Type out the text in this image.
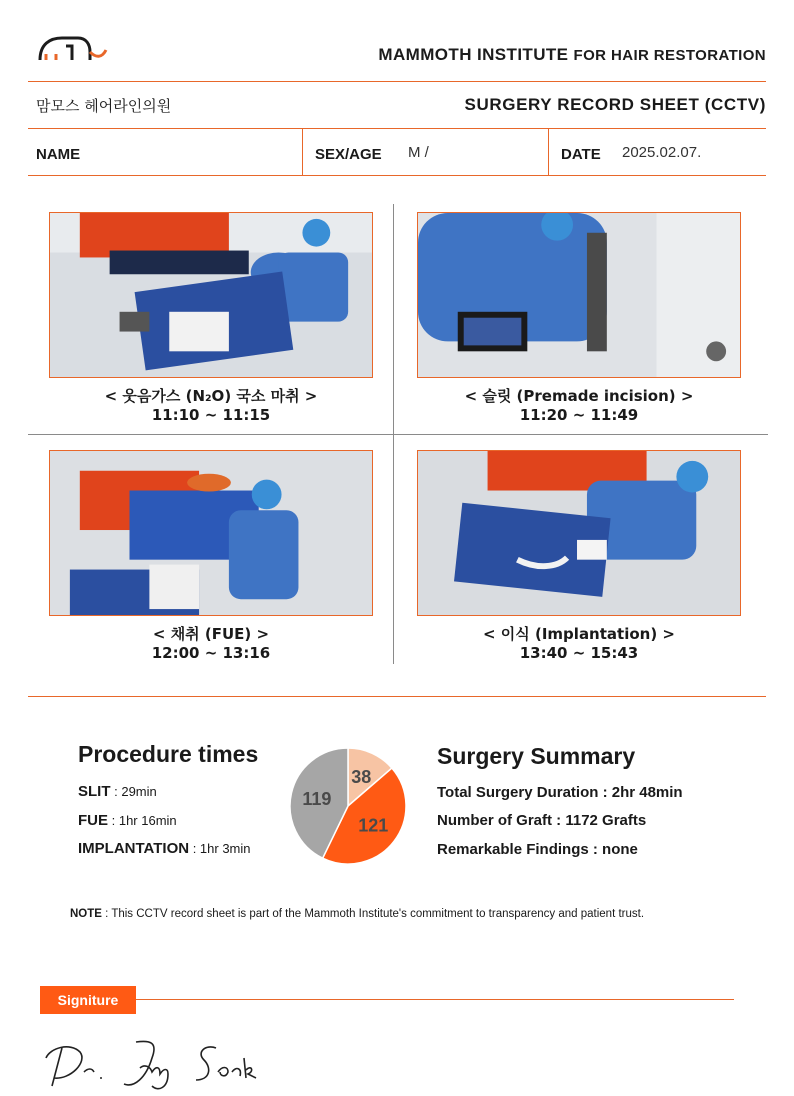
MAMMOTH INSTITUTE FOR HAIR RESTORATION
맘모스 헤어라인의원	SURGERY RECORD SHEET (CCTV)
NAME	SEX/AGE M /	DATE 2025.02.07.
< 웃음가스 (N₂O) 국소 마취 >
11:10 ~ 11:15
< 슬릿 (Premade incision) >
11:20 ~ 11:49
< 채취 (FUE) >
12:00 ~ 13:16
< 이식 (Implantation) >
13:40 ~ 15:43
Procedure times
SLIT : 29min
FUE : 1hr 16min
IMPLANTATION : 1hr 3min
38
121
119
Surgery Summary
Total Surgery Duration : 2hr 48min
Number of Graft : 1172 Grafts
Remarkable Findings : none
NOTE : This CCTV record sheet is part of the Mammoth Institute's commitment to transparency and patient trust.
Signiture
